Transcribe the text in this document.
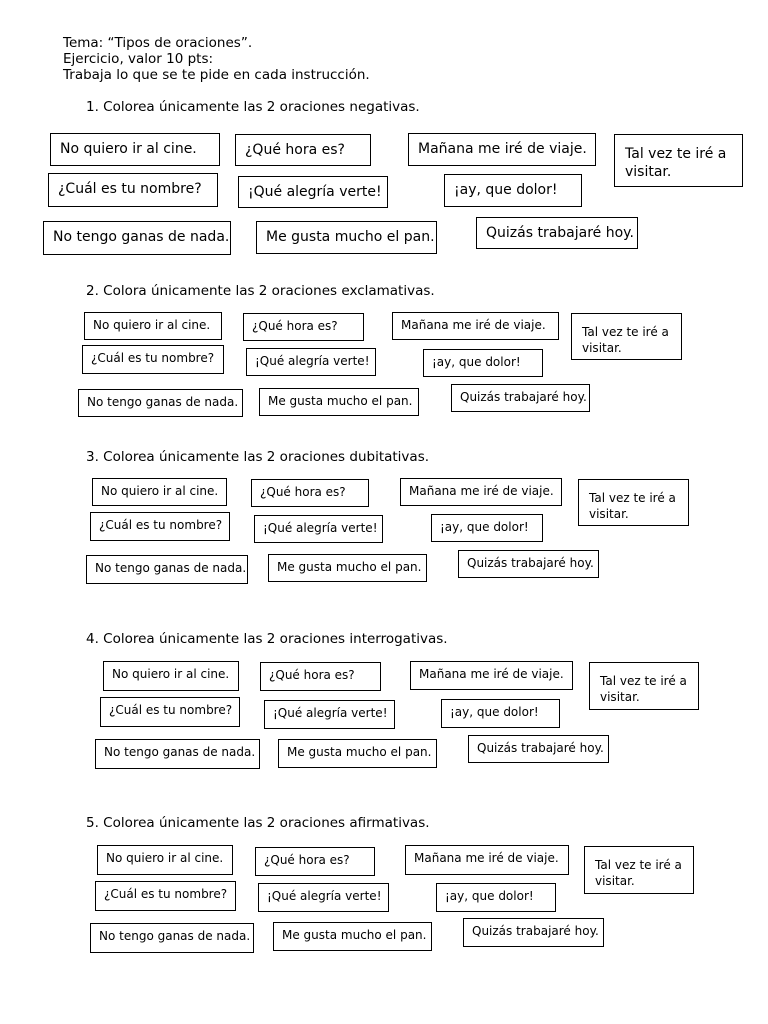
Tema: “Tipos de oraciones”.
Ejercicio, valor 10 pts:
Trabaja lo que se te pide en cada instrucción.
1. Colorea únicamente las 2 oraciones negativas.
No quiero ir al cine.	¿Qué hora es?	Mañana me iré de viaje.	Tal vez te iré a visitar.
¿Cuál es tu nombre?	¡Qué alegría verte!	¡ay, que dolor!
No tengo ganas de nada.	Me gusta mucho el pan.	Quizás trabajaré hoy.
2. Colora únicamente las 2 oraciones exclamativas.
No quiero ir al cine.	¿Qué hora es?	Mañana me iré de viaje.	Tal vez te iré a visitar.
¿Cuál es tu nombre?	¡Qué alegría verte!	¡ay, que dolor!
No tengo ganas de nada. Me gusta mucho el pan.	Quizás trabajaré hoy.
3. Colorea únicamente las 2 oraciones dubitativas.
No quiero ir al cine.	¿Qué hora es?	Mañana me iré de viaje.	Tal vez te iré a visitar.
¿Cuál es tu nombre?	¡Qué alegría verte!	¡ay, que dolor!
No tengo ganas de nada.	Me gusta mucho el pan.	Quizás trabajaré hoy.
4. Colorea únicamente las 2 oraciones interrogativas.
No quiero ir al cine.	¿Qué hora es?	Mañana me iré de viaje.	Tal vez te iré a visitar.
¿Cuál es tu nombre?	¡Qué alegría verte!	¡ay, que dolor!
No tengo ganas de nada.	Me gusta mucho el pan.	Quizás trabajaré hoy.
5. Colorea únicamente las 2 oraciones afirmativas.
No quiero ir al cine.	¿Qué hora es?	Mañana me iré de viaje.	Tal vez te iré a visitar.
¿Cuál es tu nombre?	¡Qué alegría verte!	¡ay, que dolor!
No tengo ganas de nada.	Me gusta mucho el pan.	Quizás trabajaré hoy.
